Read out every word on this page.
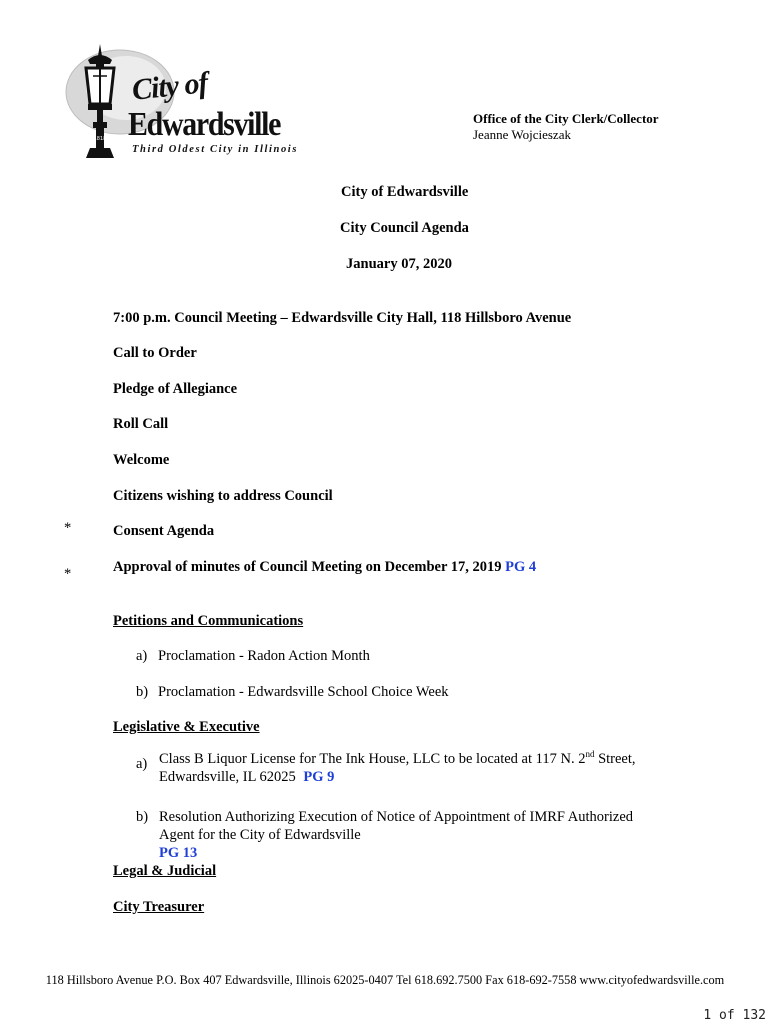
1818
City of
Edwardsville
Third Oldest City in Illinois
Office of the City Clerk/Collector
Jeanne Wojcieszak
City of Edwardsville
City Council Agenda
January 07, 2020
7:00 p.m. Council Meeting – Edwardsville City Hall, 118 Hillsboro Avenue
Call to Order
Pledge of Allegiance
Roll Call
Welcome
Citizens wishing to address Council
*	Consent Agenda
*	Approval of minutes of Council Meeting on December 17, 2019 PG 4
Petitions and Communications
a) Proclamation - Radon Action Month
b) Proclamation - Edwardsville School Choice Week
Legislative & Executive
a) Class B Liquor License for The Ink House, LLC to be located at 117 N. 2nd Street,
Edwardsville, IL 62025 PG 9
b) Resolution Authorizing Execution of Notice of Appointment of IMRF Authorized
Agent for the City of Edwardsville
PG 13
Legal & Judicial
City Treasurer
118 Hillsboro Avenue P.O. Box 407 Edwardsville, Illinois 62025-0407 Tel 618.692.7500 Fax 618-692-7558 www.cityofedwardsville.com
1 of 132
